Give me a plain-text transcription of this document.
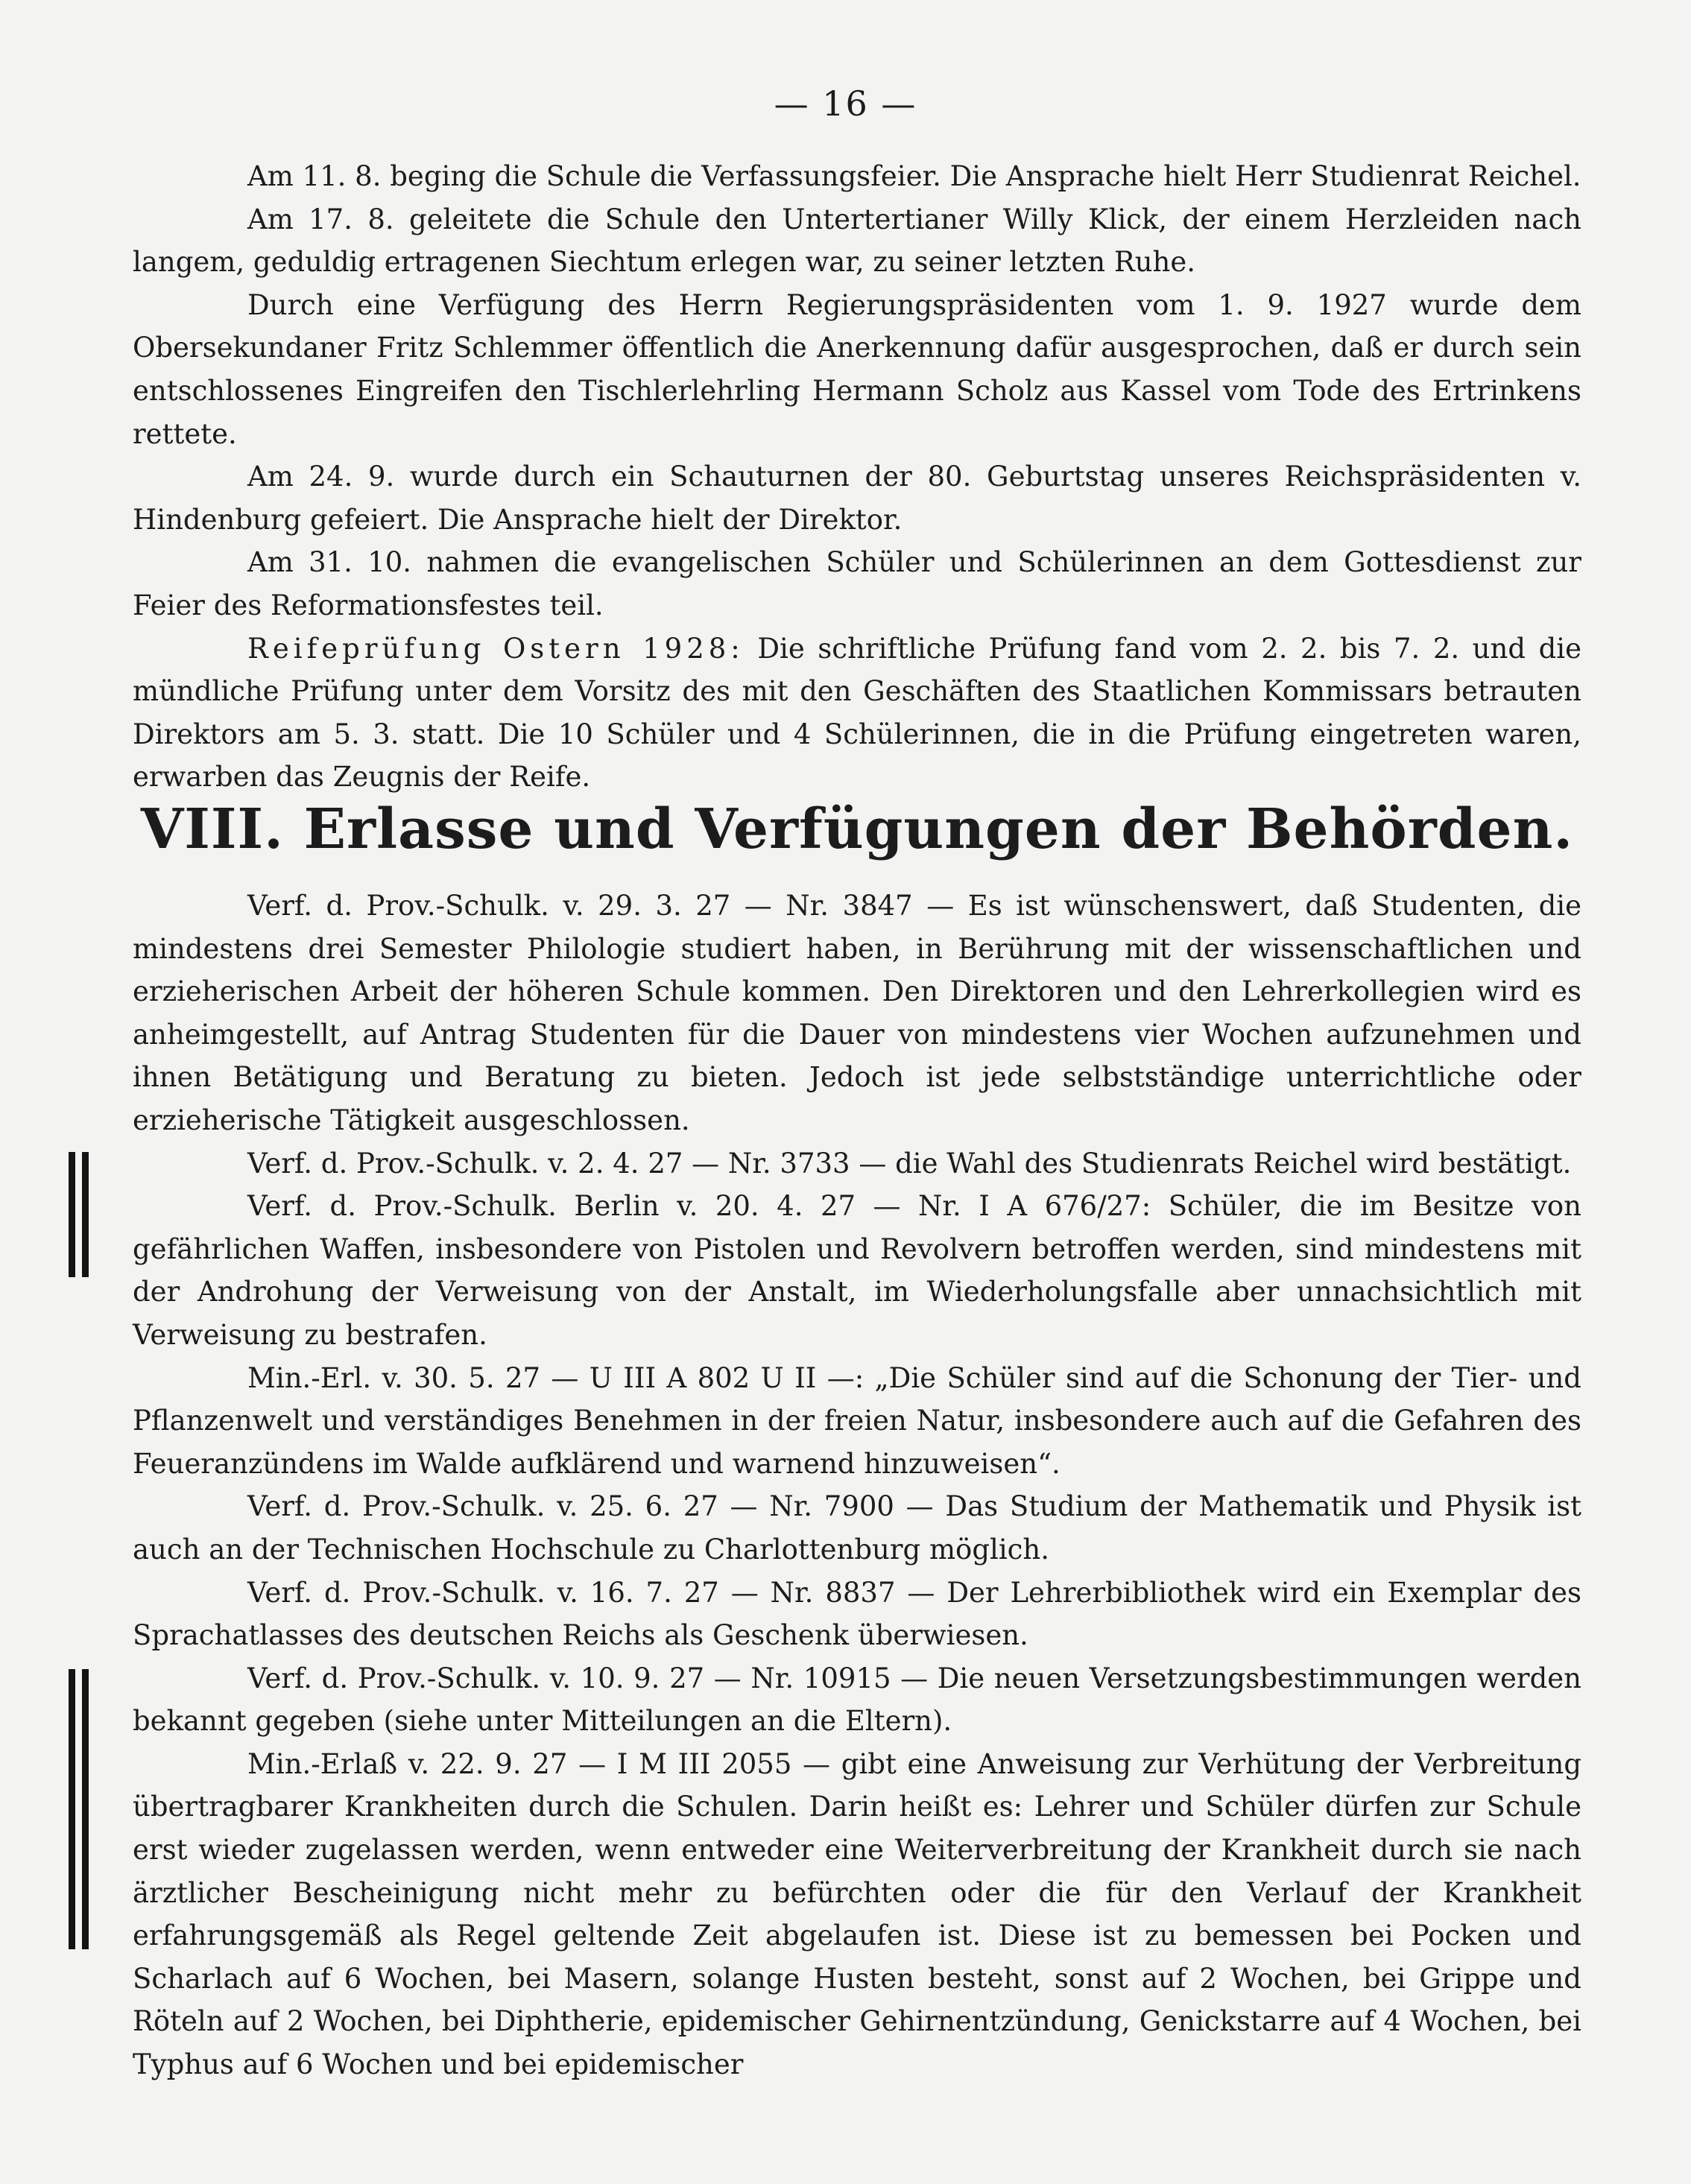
— 16 —

Am 11. 8. beging die Schule die Verfassungsfeier. Die Ansprache hielt Herr Studienrat Reichel.

Am 17. 8. geleitete die Schule den Untertertianer Willy Klick, der einem Herzleiden nach langem, geduldig ertragenen Siechtum erlegen war, zu seiner letzten Ruhe.

Durch eine Verfügung des Herrn Regierungspräsidenten vom 1. 9. 1927 wurde dem Obersekundaner Fritz Schlemmer öffentlich die Anerkennung dafür ausgesprochen, daß er durch sein entschlossenes Eingreifen den Tischlerlehrling Hermann Scholz aus Kassel vom Tode des Ertrinkens rettete.

Am 24. 9. wurde durch ein Schauturnen der 80. Geburtstag unseres Reichspräsidenten v. Hindenburg gefeiert. Die Ansprache hielt der Direktor.

Am 31. 10. nahmen die evangelischen Schüler und Schülerinnen an dem Gottesdienst zur Feier des Reformationsfestes teil.

Reifeprüfung Ostern 1928: Die schriftliche Prüfung fand vom 2. 2. bis 7. 2. und die mündliche Prüfung unter dem Vorsitz des mit den Geschäften des Staatlichen Kommissars betrauten Direktors am 5. 3. statt. Die 10 Schüler und 4 Schülerinnen, die in die Prüfung eingetreten waren, erwarben das Zeugnis der Reife.

VIII. Erlasse und Verfügungen der Behörden.

Verf. d. Prov.-Schulk. v. 29. 3. 27 — Nr. 3847 — Es ist wünschenswert, daß Studenten, die mindestens drei Semester Philologie studiert haben, in Berührung mit der wissenschaftlichen und erzieherischen Arbeit der höheren Schule kommen. Den Direktoren und den Lehrerkollegien wird es anheimgestellt, auf Antrag Studenten für die Dauer von mindestens vier Wochen aufzunehmen und ihnen Betätigung und Beratung zu bieten. Jedoch ist jede selbstständige unterrichtliche oder erzieherische Tätigkeit ausgeschlossen.

Verf. d. Prov.-Schulk. v. 2. 4. 27 — Nr. 3733 — die Wahl des Studienrats Reichel wird bestätigt.

Verf. d. Prov.-Schulk. Berlin v. 20. 4. 27 — Nr. I A 676/27: Schüler, die im Besitze von gefährlichen Waffen, insbesondere von Pistolen und Revolvern betroffen werden, sind mindestens mit der Androhung der Verweisung von der Anstalt, im Wiederholungsfalle aber unnachsichtlich mit Verweisung zu bestrafen.

Min.-Erl. v. 30. 5. 27 — U III A 802 U II —: „Die Schüler sind auf die Schonung der Tier- und Pflanzenwelt und verständiges Benehmen in der freien Natur, insbesondere auch auf die Gefahren des Feueranzündens im Walde aufklärend und warnend hinzuweisen“.

Verf. d. Prov.-Schulk. v. 25. 6. 27 — Nr. 7900 — Das Studium der Mathematik und Physik ist auch an der Technischen Hochschule zu Charlottenburg möglich.

Verf. d. Prov.-Schulk. v. 16. 7. 27 — Nr. 8837 — Der Lehrerbibliothek wird ein Exemplar des Sprachatlasses des deutschen Reichs als Geschenk überwiesen.

Verf. d. Prov.-Schulk. v. 10. 9. 27 — Nr. 10915 — Die neuen Versetzungsbestimmungen werden bekannt gegeben (siehe unter Mitteilungen an die Eltern).

Min.-Erlaß v. 22. 9. 27 — I M III 2055 — gibt eine Anweisung zur Verhütung der Verbreitung übertragbarer Krankheiten durch die Schulen. Darin heißt es: Lehrer und Schüler dürfen zur Schule erst wieder zugelassen werden, wenn entweder eine Weiterverbreitung der Krankheit durch sie nach ärztlicher Bescheinigung nicht mehr zu befürchten oder die für den Verlauf der Krankheit erfahrungsgemäß als Regel geltende Zeit abgelaufen ist. Diese ist zu bemessen bei Pocken und Scharlach auf 6 Wochen, bei Masern, solange Husten besteht, sonst auf 2 Wochen, bei Grippe und Röteln auf 2 Wochen, bei Diphtherie, epidemischer Gehirnentzündung, Genickstarre auf 4 Wochen, bei Typhus auf 6 Wochen und bei epidemischer
